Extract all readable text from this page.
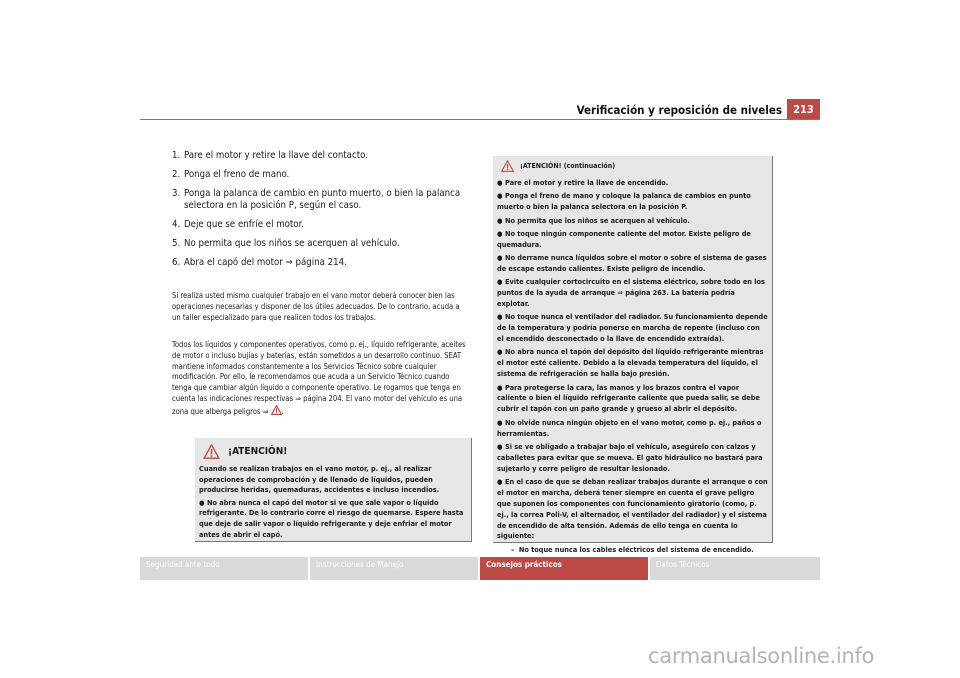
Verificación y reposición de niveles	213
1. Pare el motor y retire la llave del contacto.
2. Ponga el freno de mano.
3. Ponga la palanca de cambio en punto muerto, o bien la palanca selectora en la posición P, según el caso.
4. Deje que se enfríe el motor.
5. No permita que los niños se acerquen al vehículo.
6. Abra el capó del motor ⇒ página 214.
Si realiza usted mismo cualquier trabajo en el vano motor deberá conocer bien las operaciones necesarias y disponer de los útiles adecuados. De lo contrario, acuda a un taller especializado para que realicen todos los trabajos.
Todos los líquidos y componentes operativos, como p. ej., líquido refrigerante, aceites de motor o incluso bujías y baterías, están sometidos a un desarrollo continuo. SEAT mantiene informados constantemente a los Servicios Técnico sobre cualquier modificación. Por ello, le recomendamos que acuda a un Servicio Técnico cuando tenga que cambiar algún líquido o componente operativo. Le rogamos que tenga en cuenta las indicaciones respectivas ⇒ página 204. El vano motor del vehículo es una zona que alberga peligros ⇒ .
¡ATENCIÓN!

Cuando se realizan trabajos en el vano motor, p. ej., al realizar operaciones de comprobación y de llenado de líquidos, pueden producirse heridas, quemaduras, accidentes e incluso incendios.

● No abra nunca el capó del motor si ve que sale vapor o líquido refrigerante. De lo contrario corre el riesgo de quemarse. Espere hasta que deje de salir vapor o líquido refrigerante y deje enfriar el motor antes de abrir el capó.

¡ATENCIÓN! (continuación)

● Pare el motor y retire la llave de encendido.

● Ponga el freno de mano y coloque la palanca de cambios en punto muerto o bien la palanca selectora en la posición P.

● No permita que los niños se acerquen al vehículo.

● No toque ningún componente caliente del motor. Existe peligro de quemadura.

● No derrame nunca líquidos sobre el motor o sobre el sistema de gases de escape estando calientes. Existe peligro de incendio.

● Evite cualquier cortocircuito en el sistema eléctrico, sobre todo en los puntos de la ayuda de arranque ⇒ página 263. La batería podría explotar.

● No toque nunca el ventilador del radiador. Su funcionamiento depende de la temperatura y podría ponerse en marcha de repente (incluso con el encendido desconectado o la llave de encendido extraída).

● No abra nunca el tapón del depósito del líquido refrigerante mientras el motor esté caliente. Debido a la elevada temperatura del líquido, el sistema de refrigeración se halla bajo presión.

● Para protegerse la cara, las manos y los brazos contra el vapor caliente o bien el líquido refrigerante caliente que pueda salir, se debe cubrir el tapón con un paño grande y grueso al abrir el depósito.

● No olvide nunca ningún objeto en el vano motor, como p. ej., paños o herramientas.

● Si se ve obligado a trabajar bajo el vehículo, asegúrelo con calzos y caballetes para evitar que se mueva. El gato hidráulico no bastará para sujetarlo y corre peligro de resultar lesionado.

● En el caso de que se deban realizar trabajos durante el arranque o con el motor en marcha, deberá tener siempre en cuenta el grave peligro que suponen los componentes con funcionamiento giratorio (como, p. ej., la correa Poli-V, el alternador, el ventilador del radiador) y el sistema de encendido de alta tensión. Además de ello tenga en cuenta lo siguiente:

–  No toque nunca los cables eléctricos del sistema de encendido.

Seguridad ante todo	Instrucciones de Manejo	Consejos prácticos	Datos Técnicos
carmanualsonline.info
